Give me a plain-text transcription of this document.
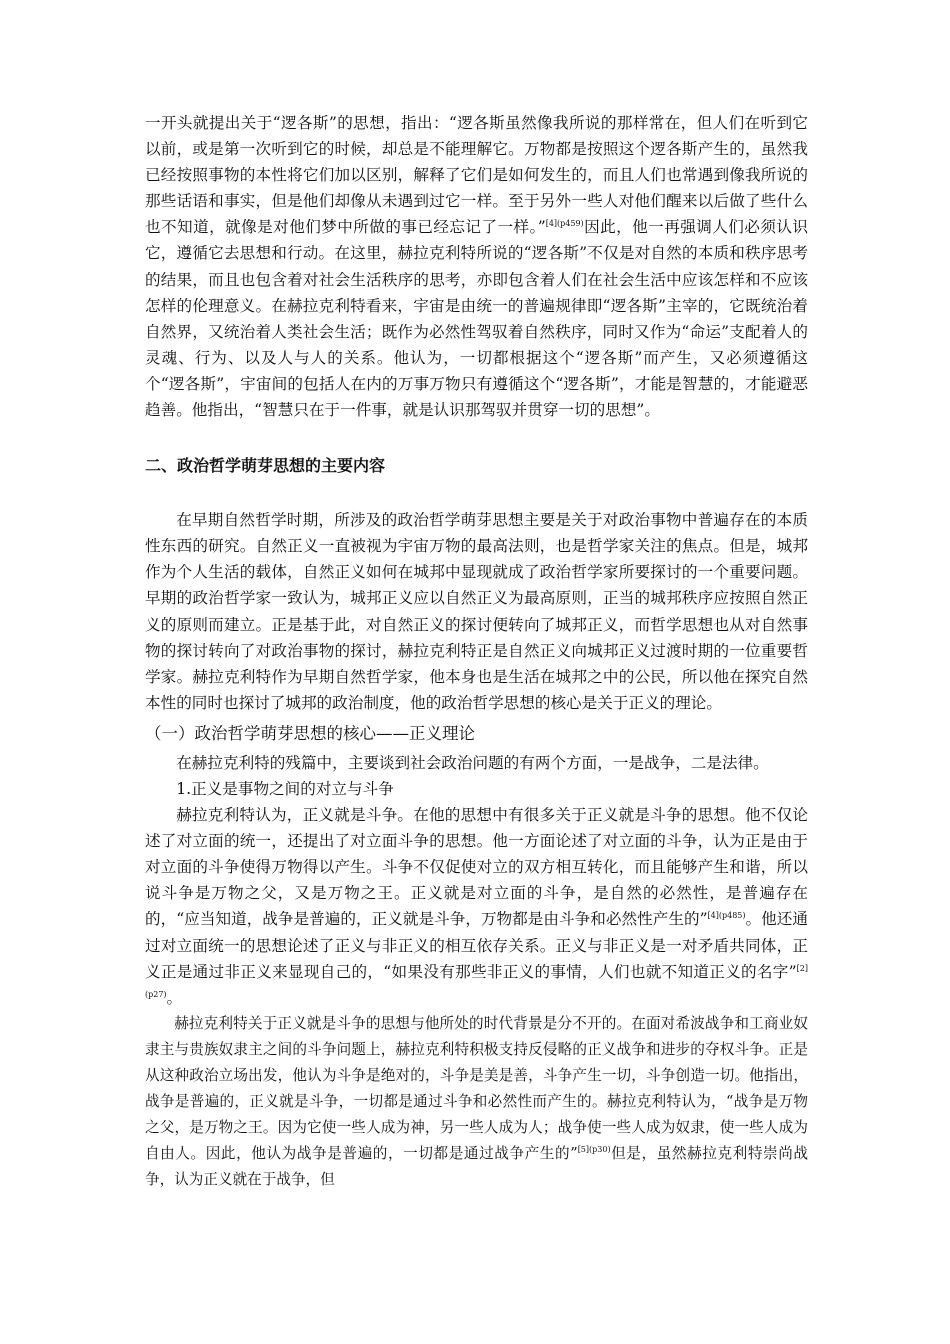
一开头就提出关于“逻各斯”的思想，指出：“逻各斯虽然像我所说的那样常在，但人们在听到它以前，或是第一次听到它的时候，却总是不能理解它。万物都是按照这个逻各斯产生的，虽然我已经按照事物的本性将它们加以区别，解释了它们是如何发生的，而且人们也常遇到像我所说的那些话语和事实，但是他们却像从未遇到过它一样。至于另外一些人对他们醒来以后做了些什么也不知道，就像是对他们梦中所做的事已经忘记了一样。”$^{[4](p459)}$因此，他一再强调人们必须认识它，遵循它去思想和行动。在这里，赫拉克利特所说的“逻各斯”不仅是对自然的本质和秩序思考的结果，而且也包含着对社会生活秩序的思考，亦即包含着人们在社会生活中应该怎样和不应该怎样的伦理意义。在赫拉克利特看来，宇宙是由统一的普遍规律即“逻各斯”主宰的，它既统治着自然界，又统治着人类社会生活；既作为必然性驾驭着自然秩序，同时又作为“命运”支配着人的灵魂、行为、以及人与人的关系。他认为，一切都根据这个“逻各斯”而产生，又必须遵循这个“逻各斯”，宇宙间的包括人在内的万事万物只有遵循这个“逻各斯”，才能是智慧的，才能避恶趋善。他指出，“智慧只在于一件事，就是认识那驾驭并贯穿一切的思想”。

二、政治哲学萌芽思想的主要内容

在早期自然哲学时期，所涉及的政治哲学萌芽思想主要是关于对政治事物中普遍存在的本质性东西的研究。自然正义一直被视为宇宙万物的最高法则，也是哲学家关注的焦点。但是，城邦作为个人生活的载体，自然正义如何在城邦中显现就成了政治哲学家所要探讨的一个重要问题。早期的政治哲学家一致认为，城邦正义应以自然正义为最高原则，正当的城邦秩序应按照自然正义的原则而建立。正是基于此，对自然正义的探讨便转向了城邦正义，而哲学思想也从对自然事物的探讨转向了对政治事物的探讨，赫拉克利特正是自然正义向城邦正义过渡时期的一位重要哲学家。赫拉克利特作为早期自然哲学家，他本身也是生活在城邦之中的公民，所以他在探究自然本性的同时也探讨了城邦的政治制度，他的政治哲学思想的核心是关于正义的理论。

（一）政治哲学萌芽思想的核心——正义理论

在赫拉克利特的残篇中，主要谈到社会政治问题的有两个方面，一是战争，二是法律。

1.正义是事物之间的对立与斗争

赫拉克利特认为，正义就是斗争。在他的思想中有很多关于正义就是斗争的思想。他不仅论述了对立面的统一，还提出了对立面斗争的思想。他一方面论述了对立面的斗争，认为正是由于对立面的斗争使得万物得以产生。斗争不仅促使对立的双方相互转化，而且能够产生和谐，所以说斗争是万物之父，又是万物之王。正义就是对立面的斗争，是自然的必然性，是普遍存在的，“应当知道，战争是普遍的，正义就是斗争，万物都是由斗争和必然性产生的”$^{[4](p485)}$。他还通过对立面统一的思想论述了正义与非正义的相互依存关系。正义与非正义是一对矛盾共同体，正义正是通过非正义来显现自己的，“如果没有那些非正义的事情，人们也就不知道正义的名字”$^{[2](p27)}$。

赫拉克利特关于正义就是斗争的思想与他所处的时代背景是分不开的。在面对希波战争和工商业奴隶主与贵族奴隶主之间的斗争问题上，赫拉克利特积极支持反侵略的正义战争和进步的夺权斗争。正是从这种政治立场出发，他认为斗争是绝对的，斗争是美是善，斗争产生一切，斗争创造一切。他指出，战争是普遍的，正义就是斗争，一切都是通过斗争和必然性而产生的。赫拉克利特认为，“战争是万物之父，是万物之王。因为它使一些人成为神，另一些人成为人；战争使一些人成为奴隶，使一些人成为自由人。因此，他认为战争是普遍的，一切都是通过战争产生的”$^{[5](p30)}$但是，虽然赫拉克利特崇尚战争，认为正义就在于战争，但
